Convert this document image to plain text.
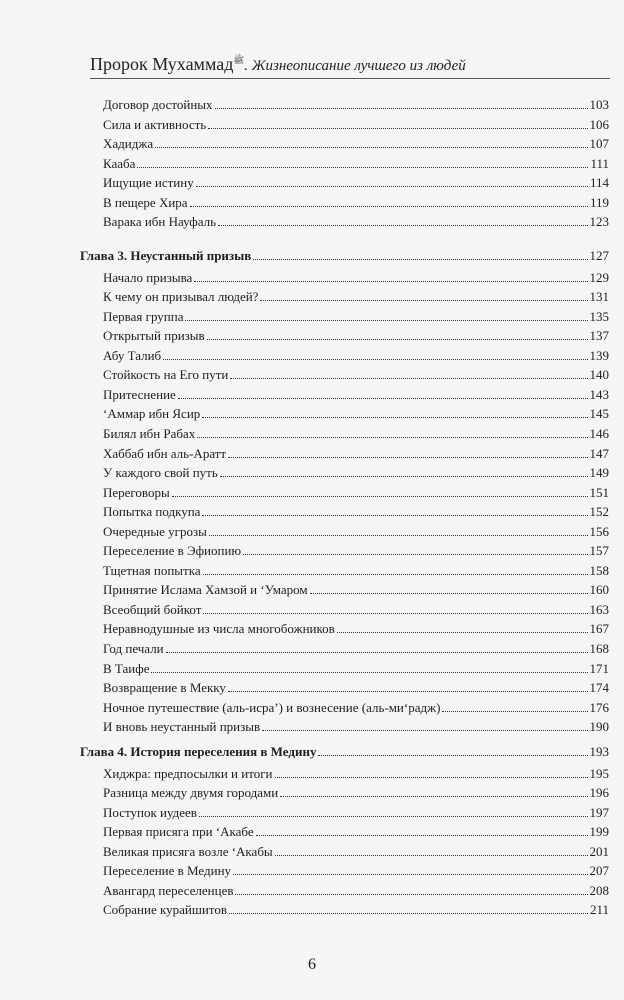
Пророк Мухаммад$^ﷺ$. Жизнеописание лучшего из людей
Договор достойных	103
Сила и активность	106
Хадиджа	107
Кааба	111
Ищущие истину	114
В пещере Хира	119
Варака ибн Науфаль	123
Глава 3. Неустанный призыв	127
Начало призыва	129
К чему он призывал людей?	131
Первая группа	135
Открытый призыв	137
Абу Талиб	139
Стойкость на Его пути	140
Притеснение	143
‘Аммар ибн Ясир	145
Билял ибн Рабах	146
Хаббаб ибн аль-Аратт	147
У каждого свой путь	149
Переговоры	151
Попытка подкупа	152
Очередные угрозы	156
Переселение в Эфиопию	157
Тщетная попытка	158
Принятие Ислама Хамзой и ‘Умаром	160
Всеобщий бойкот	163
Неравнодушные из числа многобожников	167
Год печали	168
В Таифе	171
Возвращение в Мекку	174
Ночное путешествие (аль-исра’) и вознесение (аль-ми‘радж)	176
И вновь неустанный призыв	190
Глава 4. История переселения в Медину	193
Хиджра: предпосылки и итоги	195
Разница между двумя городами	196
Поступок иудеев	197
Первая присяга при ‘Акабе	199
Великая присяга возле ‘Акабы	201
Переселение в Медину	207
Авангард переселенцев	208
Собрание курайшитов	211
6
